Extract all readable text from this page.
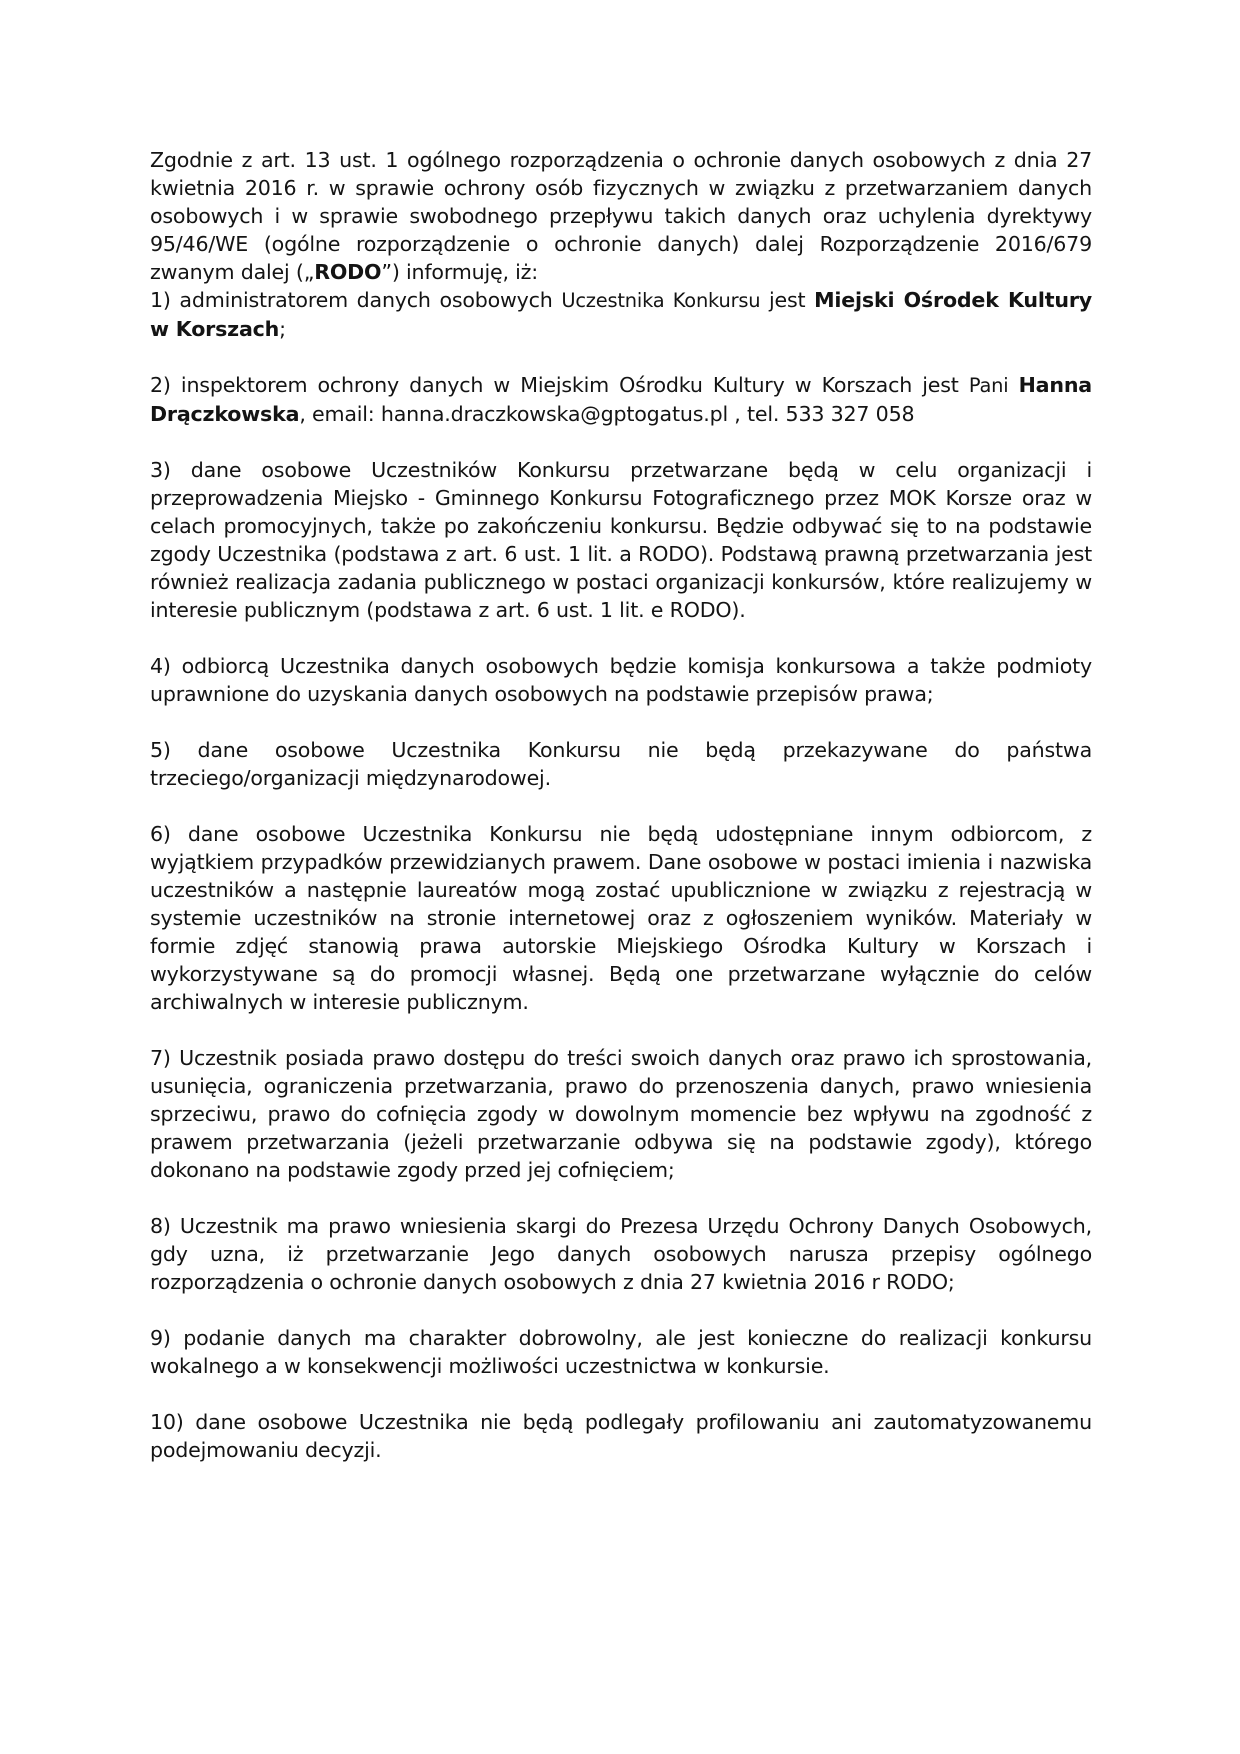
Zgodnie z art. 13 ust. 1 ogólnego rozporządzenia o ochronie danych osobowych z dnia 27 kwietnia 2016 r. w sprawie ochrony osób fizycznych w związku z przetwarzaniem danych osobowych i w sprawie swobodnego przepływu takich danych oraz uchylenia dyrektywy 95/46/WE (ogólne rozporządzenie o ochronie danych) dalej Rozporządzenie 2016/679 zwanym dalej („RODO”) informuję, iż:

1) administratorem danych osobowych Uczestnika Konkursu jest Miejski Ośrodek Kultury w Korszach;

2) inspektorem ochrony danych w Miejskim Ośrodku Kultury w Korszach jest Pani Hanna Drączkowska, email: hanna.draczkowska@gptogatus.pl , tel. 533 327 058

3) dane osobowe Uczestników Konkursu przetwarzane będą w celu organizacji i przeprowadzenia Miejsko - Gminnego Konkursu Fotograficznego przez MOK Korsze oraz w celach promocyjnych, także po zakończeniu konkursu. Będzie odbywać się to na podstawie zgody Uczestnika (podstawa z art. 6 ust. 1 lit. a RODO). Podstawą prawną przetwarzania jest również realizacja zadania publicznego w postaci organizacji konkursów, które realizujemy w interesie publicznym (podstawa z art. 6 ust. 1 lit. e RODO).

4) odbiorcą Uczestnika danych osobowych będzie komisja konkursowa a także podmioty uprawnione do uzyskania danych osobowych na podstawie przepisów prawa;

5) dane osobowe Uczestnika Konkursu nie będą przekazywane do państwa trzeciego/organizacji międzynarodowej.

6) dane osobowe Uczestnika Konkursu nie będą udostępniane innym odbiorcom, z wyjątkiem przypadków przewidzianych prawem. Dane osobowe w postaci imienia i nazwiska uczestników a następnie laureatów mogą zostać upublicznione w związku z rejestracją w systemie uczestników na stronie internetowej oraz z ogłoszeniem wyników. Materiały w formie zdjęć stanowią prawa autorskie Miejskiego Ośrodka Kultury w Korszach i wykorzystywane są do promocji własnej. Będą one przetwarzane wyłącznie do celów archiwalnych w interesie publicznym.

7) Uczestnik posiada prawo dostępu do treści swoich danych oraz prawo ich sprostowania, usunięcia, ograniczenia przetwarzania, prawo do przenoszenia danych, prawo wniesienia sprzeciwu, prawo do cofnięcia zgody w dowolnym momencie bez wpływu na zgodność z prawem przetwarzania (jeżeli przetwarzanie odbywa się na podstawie zgody), którego dokonano na podstawie zgody przed jej cofnięciem;

8) Uczestnik ma prawo wniesienia skargi do Prezesa Urzędu Ochrony Danych Osobowych, gdy uzna, iż przetwarzanie Jego danych osobowych narusza przepisy ogólnego rozporządzenia o ochronie danych osobowych z dnia 27 kwietnia 2016 r RODO;

9) podanie danych ma charakter dobrowolny, ale jest konieczne do realizacji konkursu wokalnego a w konsekwencji możliwości uczestnictwa w konkursie.

10) dane osobowe Uczestnika nie będą podlegały profilowaniu ani zautomatyzowanemu podejmowaniu decyzji.
